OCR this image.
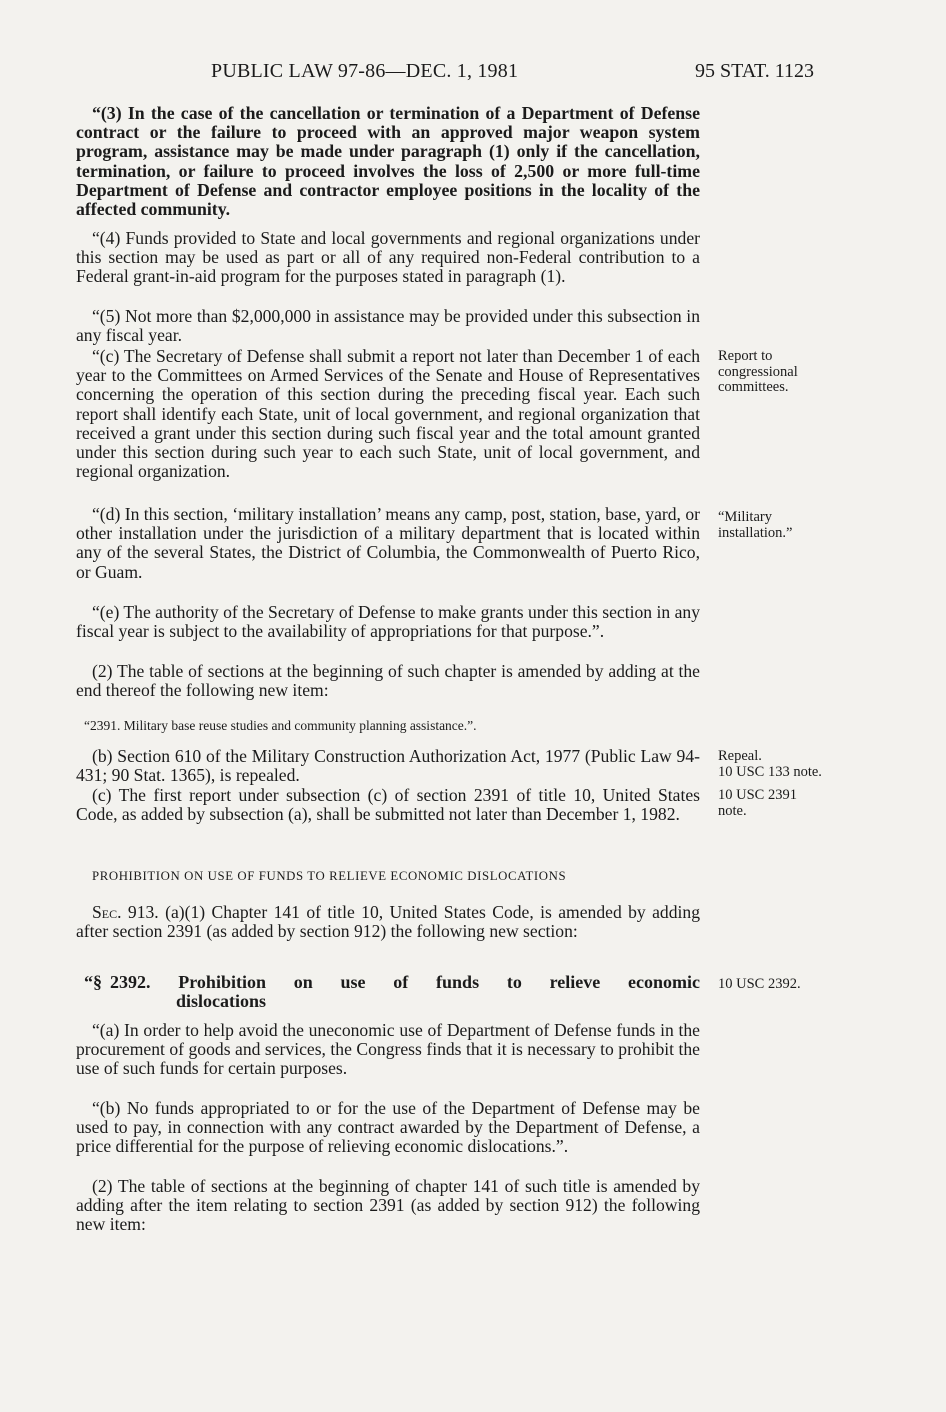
PUBLIC LAW 97-86—DEC. 1, 1981	95 STAT. 1123

“(3) In the case of the cancellation or termination of a Department of Defense contract or the failure to proceed with an approved major weapon system program, assistance may be made under paragraph (1) only if the cancellation, termination, or failure to proceed involves the loss of 2,500 or more full-time Department of Defense and contractor employee positions in the locality of the affected community.

“(4) Funds provided to State and local governments and regional organizations under this section may be used as part or all of any required non-Federal contribution to a Federal grant-in-aid program for the purposes stated in paragraph (1).

“(5) Not more than $2,000,000 in assistance may be provided under this subsection in any fiscal year.

“(c) The Secretary of Defense shall submit a report not later than December 1 of each year to the Committees on Armed Services of the Senate and House of Representatives concerning the operation of this section during the preceding fiscal year. Each such report shall identify each State, unit of local government, and regional organization that received a grant under this section during such fiscal year and the total amount granted under this section during such year to each such State, unit of local government, and regional organization.

“(d) In this section, ‘military installation’ means any camp, post, station, base, yard, or other installation under the jurisdiction of a military department that is located within any of the several States, the District of Columbia, the Commonwealth of Puerto Rico, or Guam.

“(e) The authority of the Secretary of Defense to make grants under this section in any fiscal year is subject to the availability of appropriations for that purpose.”.

(2) The table of sections at the beginning of such chapter is amended by adding at the end thereof the following new item:

“2391. Military base reuse studies and community planning assistance.”.

(b) Section 610 of the Military Construction Authorization Act, 1977 (Public Law 94-431; 90 Stat. 1365), is repealed.

(c) The first report under subsection (c) of section 2391 of title 10, United States Code, as added by subsection (a), shall be submitted not later than December 1, 1982.

PROHIBITION ON USE OF FUNDS TO RELIEVE ECONOMIC DISLOCATIONS

Sec. 913. (a)(1) Chapter 141 of title 10, United States Code, is amended by adding after section 2391 (as added by section 912) the following new section:

“§ 2392. Prohibition on use of funds to relieve economic
dislocations

“(a) In order to help avoid the uneconomic use of Department of Defense funds in the procurement of goods and services, the Congress finds that it is necessary to prohibit the use of such funds for certain purposes.

“(b) No funds appropriated to or for the use of the Department of Defense may be used to pay, in connection with any contract awarded by the Department of Defense, a price differential for the purpose of relieving economic dislocations.”.

(2) The table of sections at the beginning of chapter 141 of such title is amended by adding after the item relating to section 2391 (as added by section 912) the following new item:

Report to
congressional
committees.
“Military
installation.”
Repeal.
10 USC 133 note.
10 USC 2391
note.
10 USC 2392.
